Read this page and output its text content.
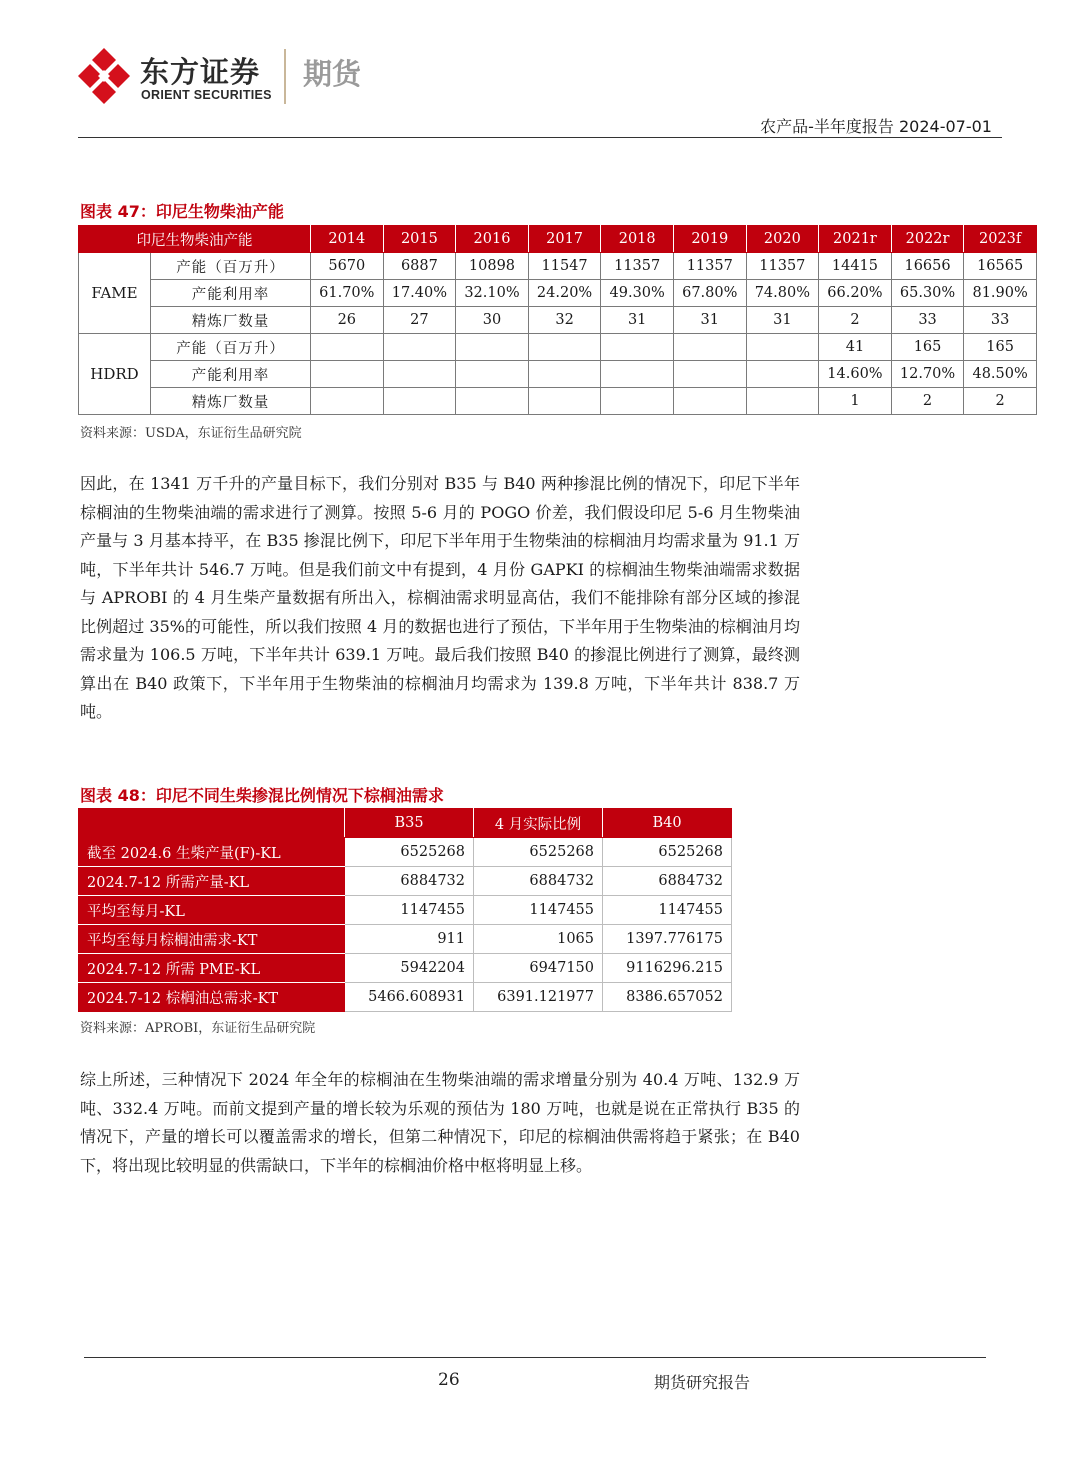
东方证券
ORIENT SECURITIES
期货
农产品-半年度报告 2024-07-01
图表 47：印尼生物柴油产能
印尼生物柴油产能		2014	2015	2016	2017	2018	2019	2020	2021r	2022r	2023f
FAME	产能（百万升）	5670	6887	10898	11547	11357	11357	11357	14415	16656	16565
	产能利用率	61.70%	17.40%	32.10%	24.20%	49.30%	67.80%	74.80%	66.20%	65.30%	81.90%
	精炼厂数量	26	27	30	32	31	31	31	2	33	33
HDRD	产能（百万升）								41	165	165
	产能利用率								14.60%	12.70%	48.50%
	精炼厂数量								1	2	2
资料来源：USDA，东证衍生品研究院
因此，在 1341 万千升的产量目标下，我们分别对 B35 与 B40 两种掺混比例的情况下，印尼下半年棕榈油的生物柴油端的需求进行了测算。按照 5-6 月的 POGO 价差，我们假设印尼 5-6 月生物柴油产量与 3 月基本持平，在 B35 掺混比例下，印尼下半年用于生物柴油的棕榈油月均需求量为 91.1 万吨，下半年共计 546.7 万吨。但是我们前文中有提到，4 月份 GAPKI 的棕榈油生物柴油端需求数据与 APROBI 的 4 月生柴产量数据有所出入，棕榈油需求明显高估，我们不能排除有部分区域的掺混比例超过 35%的可能性，所以我们按照 4 月的数据也进行了预估，下半年用于生物柴油的棕榈油月均需求量为 106.5 万吨，下半年共计 639.1 万吨。最后我们按照 B40 的掺混比例进行了测算，最终测算出在 B40 政策下，下半年用于生物柴油的棕榈油月均需求为 139.8 万吨，下半年共计 838.7 万吨。
图表 48：印尼不同生柴掺混比例情况下棕榈油需求
	B35	4 月实际比例	B40
截至 2024.6 生柴产量(F)-KL	6525268	6525268	6525268
2024.7-12 所需产量-KL	6884732	6884732	6884732
平均至每月-KL	1147455	1147455	1147455
平均至每月棕榈油需求-KT	911	1065	1397.776175
2024.7-12 所需 PME-KL	5942204	6947150	9116296.215
2024.7-12 棕榈油总需求-KT	5466.608931	6391.121977	8386.657052
资料来源：APROBI，东证衍生品研究院
综上所述，三种情况下 2024 年全年的棕榈油在生物柴油端的需求增量分别为 40.4 万吨、132.9 万吨、332.4 万吨。而前文提到产量的增长较为乐观的预估为 180 万吨，也就是说在正常执行 B35 的情况下，产量的增长可以覆盖需求的增长，但第二种情况下，印尼的棕榈油供需将趋于紧张；在 B40 下，将出现比较明显的供需缺口，下半年的棕榈油价格中枢将明显上移。
26	期货研究报告
